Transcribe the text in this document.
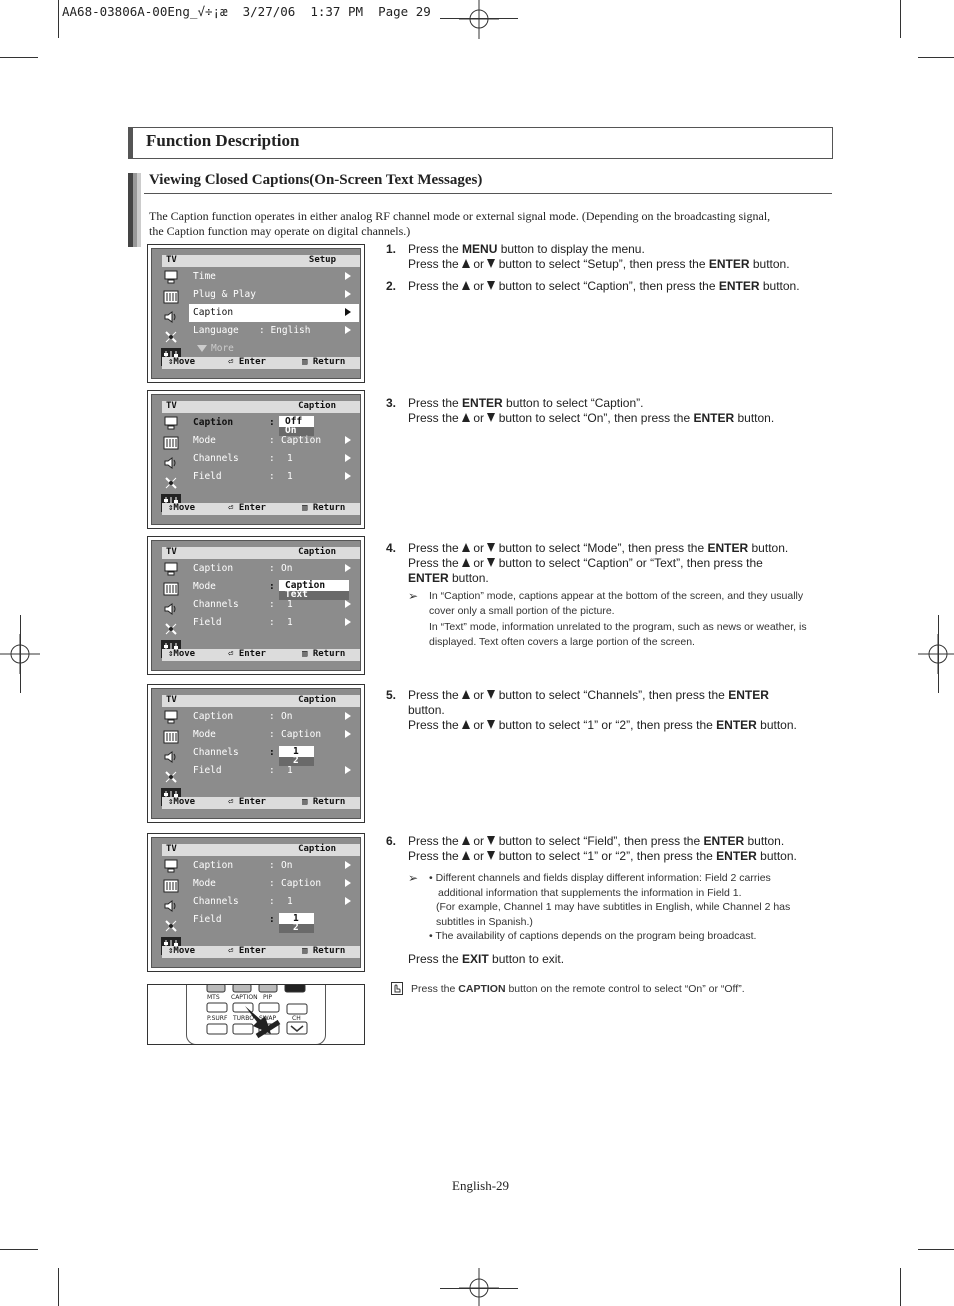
AA68-03806A-00Eng_√÷¡æ  3/27/06  1:37 PM  Page 29
Function Description
Viewing Closed Captions(On-Screen Text Messages)
The Caption function operates in either analog RF channel mode or external signal mode. (Depending on the broadcasting signal,
the Caption function may operate on digital channels.)
TV	Setup
Time
Plug & Play
Caption
Language : English
More
⇕Move	⏎ Enter	▥ Return
TV	Caption
Caption	:	Off
On
Mode	: Caption
Channels	: 1
Field	: 1
⇕Move	⏎ Enter	▥ Return
TV	Caption
Caption	: On
Mode	:	Caption
Text
Channels	: 1
Field	: 1
⇕Move	⏎ Enter	▥ Return
TV	Caption
Caption	: On
Mode	: Caption
Channels	:	1
2
Field	: 1
⇕Move	⏎ Enter	▥ Return
TV	Caption
Caption	: On
Mode	: Caption
Channels	: 1
Field	:	1
2
⇕Move	⏎ Enter	▥ Return
MTS CAPTION PIP
P.SURF TURBO SWAP	CH
1. Press the MENU button to display the menu.
Press the  or  button to select “Setup”, then press the ENTER button.
2. Press the  or  button to select “Caption”, then press the ENTER button.
3. Press the ENTER button to select “Caption”.
Press the  or  button to select “On”, then press the ENTER button.
4. Press the  or  button to select “Mode”, then press the ENTER button.
Press the  or  button to select “Caption” or “Text”, then press the
ENTER button.
➢ In “Caption” mode, captions appear at the bottom of the screen, and they usually cover only a small portion of the picture.
In “Text” mode, information unrelated to the program, such as news or weather, is displayed. Text often covers a large portion of the screen.
5. Press the  or  button to select “Channels”, then press the ENTER
button.
Press the  or  button to select “1” or “2”, then press the ENTER button.
6. Press the  or  button to select “Field”, then press the ENTER button.
Press the  or  button to select “1” or “2”, then press the ENTER button.
➢ • Different channels and fields display different information: Field 2 carries
additional information that supplements the information in Field 1.
(For example, Channel 1 may have subtitles in English, while Channel 2 has
subtitles in Spanish.)
• The availability of captions depends on the program being broadcast.
Press the EXIT button to exit.
Press the CAPTION button on the remote control to select “On” or “Off”.
English-29
